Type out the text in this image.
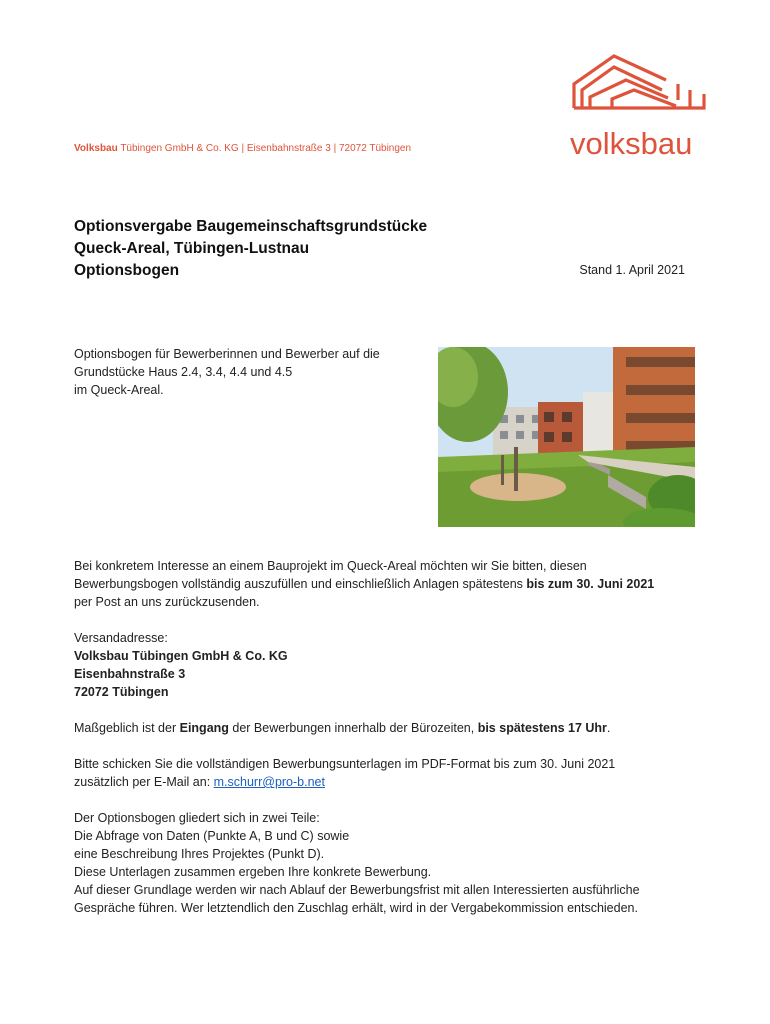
Volksbau Tübingen GmbH & Co. KG | Eisenbahnstraße 3 | 72072 Tübingen	volksbau
Optionsvergabe Baugemeinschaftsgrundstücke
Queck-Areal, Tübingen-Lustnau
Optionsbogen	Stand 1. April 2021
Optionsbogen für Bewerberinnen und Bewerber auf die
Grundstücke Haus 2.4, 3.4, 4.4 und 4.5
im Queck-Areal.

Bei konkretem Interesse an einem Bauprojekt im Queck-Areal möchten wir Sie bitten, diesen
Bewerbungsbogen vollständig auszufüllen und einschließlich Anlagen spätestens bis zum 30. Juni 2021
per Post an uns zurückzusenden.

Versandadresse:
Volksbau Tübingen GmbH & Co. KG
Eisenbahnstraße 3
72072 Tübingen

Maßgeblich ist der Eingang der Bewerbungen innerhalb der Bürozeiten, bis spätestens 17 Uhr.

Bitte schicken Sie die vollständigen Bewerbungsunterlagen im PDF-Format bis zum 30. Juni 2021
zusätzlich per E-Mail an: m.schurr@pro-b.net

Der Optionsbogen gliedert sich in zwei Teile:
Die Abfrage von Daten (Punkte A, B und C) sowie
eine Beschreibung Ihres Projektes (Punkt D).
Diese Unterlagen zusammen ergeben Ihre konkrete Bewerbung.
Auf dieser Grundlage werden wir nach Ablauf der Bewerbungsfrist mit allen Interessierten ausführliche
Gespräche führen. Wer letztendlich den Zuschlag erhält, wird in der Vergabekommission entschieden.
